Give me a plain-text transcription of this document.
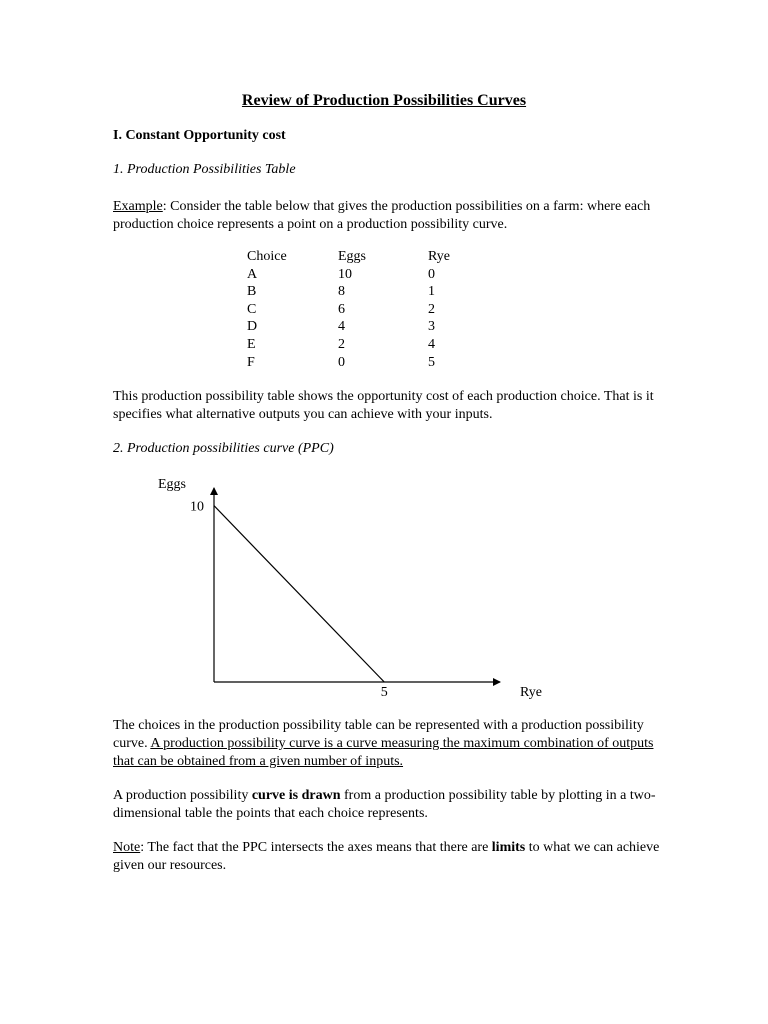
Review of Production Possibilities Curves
I. Constant Opportunity cost
1. Production Possibilities Table
Example: Consider the table below that gives the production possibilities on a farm: where each production choice represents a point on a production possibility curve.
Choice	Eggs	Rye
A	10	0
B	8	1
C	6	2
D	4	3
E	2	4
F	0	5
This production possibility table shows the opportunity cost of each production choice. That is it specifies what alternative outputs you can achieve with your inputs.
2. Production possibilities curve (PPC)
Eggs
Rye
10
5
The choices in the production possibility table can be represented with a production possibility curve. A production possibility curve is a curve measuring the maximum combination of outputs that can be obtained from a given number of inputs.
A production possibility curve is drawn from a production possibility table by plotting in a two-dimensional table the points that each choice represents.
Note: The fact that the PPC intersects the axes means that there are limits to what we can achieve given our resources.
